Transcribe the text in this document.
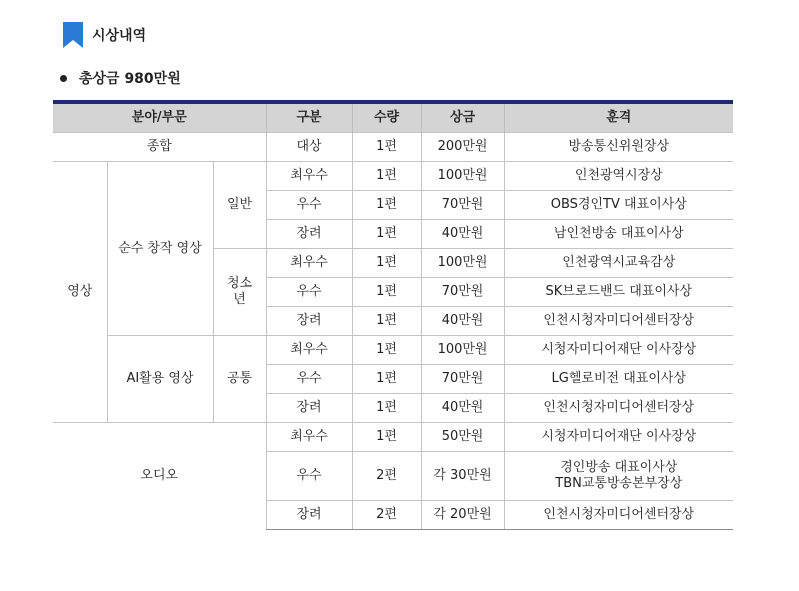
시상내역
총상금 980만원
분야/부문			구분	수량	상금	훈격
종합			대상	1편	200만원	방송통신위원장상
영상	순수 창작 영상	일반	최우수	1편	100만원	인천광역시장상
			우수	1편	70만원	OBS경인TV 대표이사상
			장려	1편	40만원	남인천방송 대표이사상
		청소년	최우수	1편	100만원	인천광역시교육감상
			우수	1편	70만원	SK브로드밴드 대표이사상
			장려	1편	40만원	인천시청자미디어센터장상
	AI활용 영상	공통	최우수	1편	100만원	시청자미디어재단 이사장상
			우수	1편	70만원	LG헬로비전 대표이사상
			장려	1편	40만원	인천시청자미디어센터장상
오디오			최우수	1편	50만원	시청자미디어재단 이사장상
			우수	2편	각 30만원	경인방송 대표이사상
TBN교통방송본부장상

			장려	2편	각 20만원	인천시청자미디어센터장상
